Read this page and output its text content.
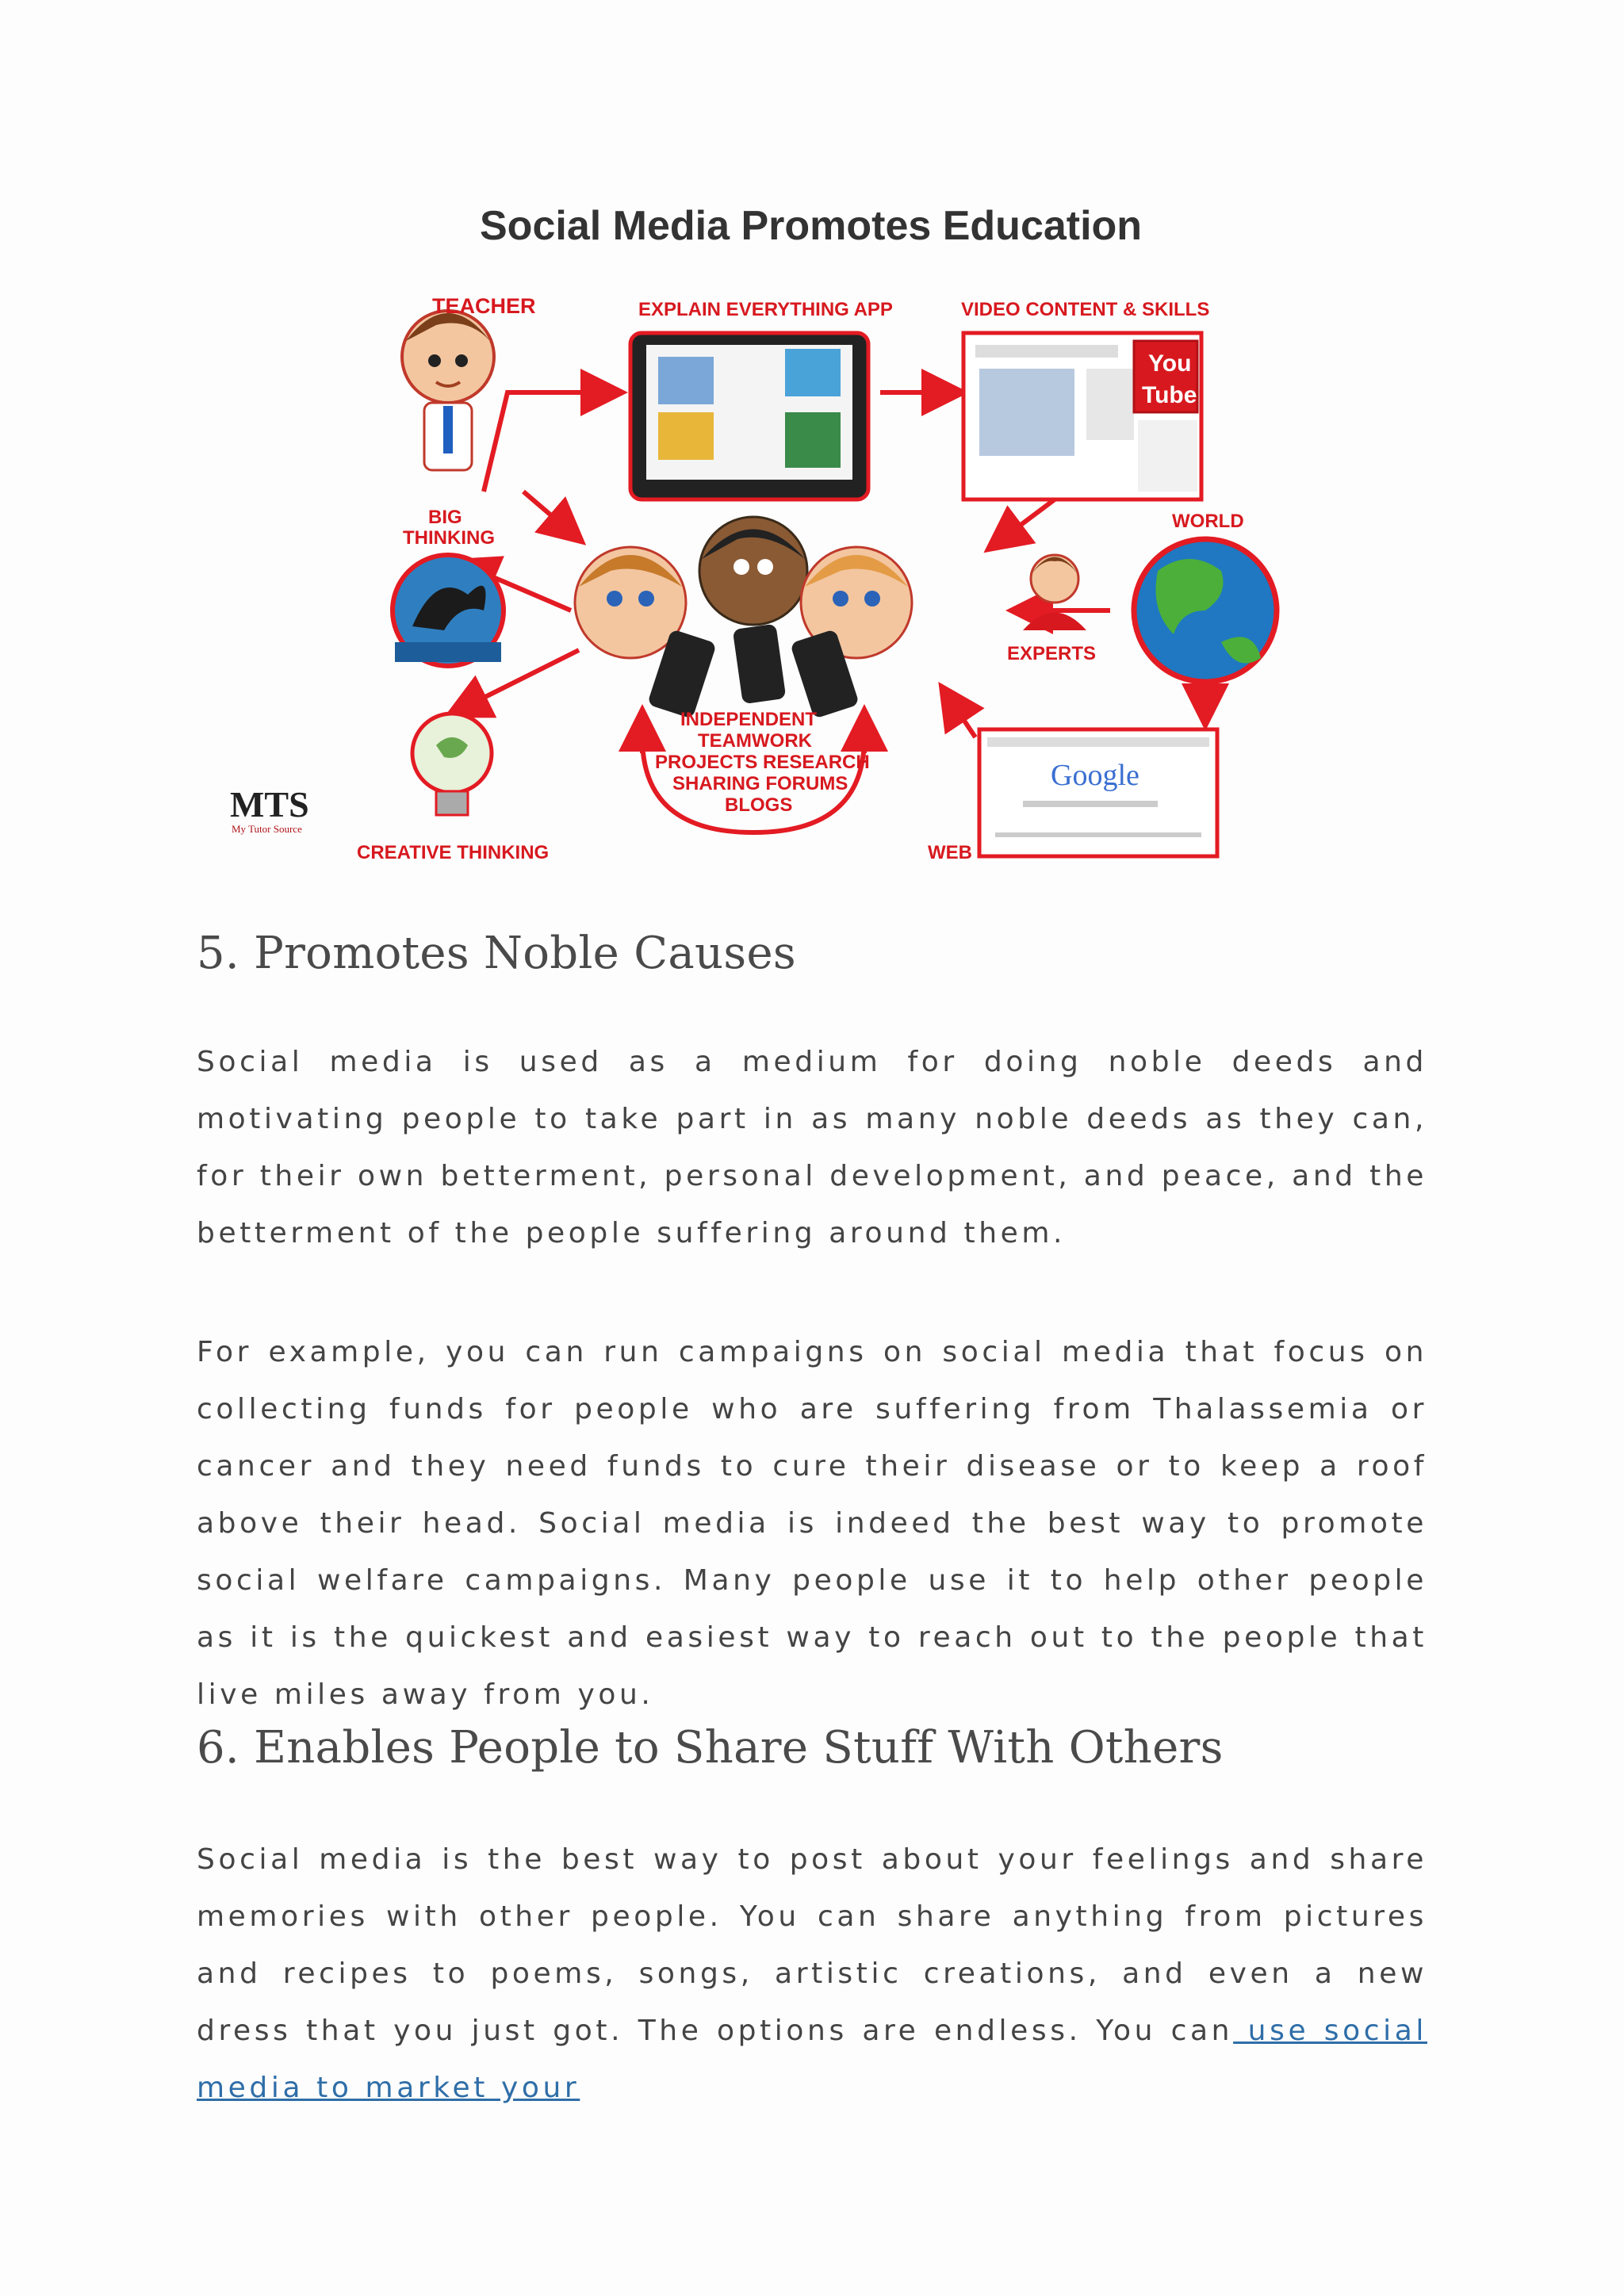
Social Media Promotes Education
TEACHER	EXPLAIN EVERYTHING APP
You
Tube
VIDEO CONTENT & SKILLS
BIG
THINKING
EXPERTS
WORLD
INDEPENDENT
TEAMWORK
PROJECTS RESEARCH
SHARING FORUMS
BLOGS
CREATIVE THINKING
Google
WEB
MTS
My Tutor Source
5. Promotes Noble Causes

Social media is used as a medium for doing noble deeds and motivating people to take part in as many noble deeds as they can, for their own betterment, personal development, and peace, and the betterment of the people suffering around them.

For example, you can run campaigns on social media that focus on collecting funds for people who are suffering from Thalassemia or cancer and they need funds to cure their disease or to keep a roof above their head. Social media is indeed the best way to promote social welfare campaigns. Many people use it to help other people as it is the quickest and easiest way to reach out to the people that live miles away from you.

6. Enables People to Share Stuff With Others

Social media is the best way to post about your feelings and share memories with other people. You can share anything from pictures and recipes to poems, songs, artistic creations, and even a new dress that you just got. The options are endless. You can use social media to market your
